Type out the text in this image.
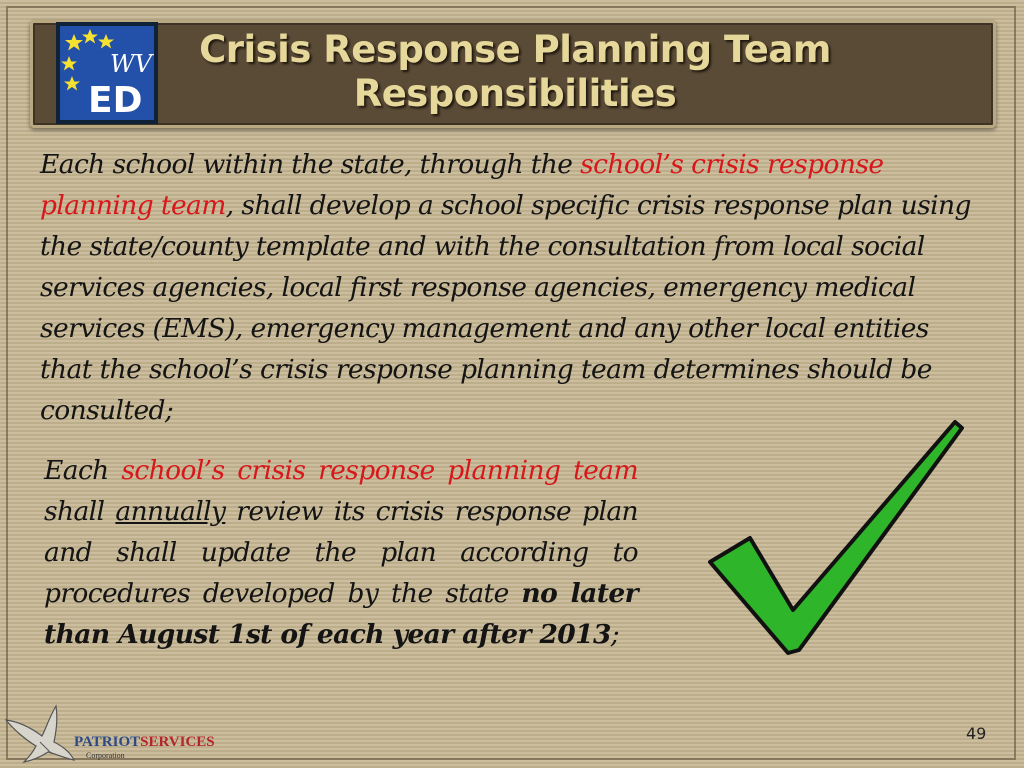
WV
ED
Crisis Response Planning Team
Responsibilities

Each school within the state, through the school’s crisis response planning team, shall develop a school specific crisis response plan using the state/county template and with the consultation from local social services agencies, local first response agencies, emergency medical services (EMS), emergency management and any other local entities that the school’s crisis response planning team determines should be consulted;

Each school’s crisis response planning team shall annually review its crisis response plan and shall update the plan according to procedures developed by the state no later than August 1st of each year after 2013;

PATRIOTSERVICES
Corporation
49
